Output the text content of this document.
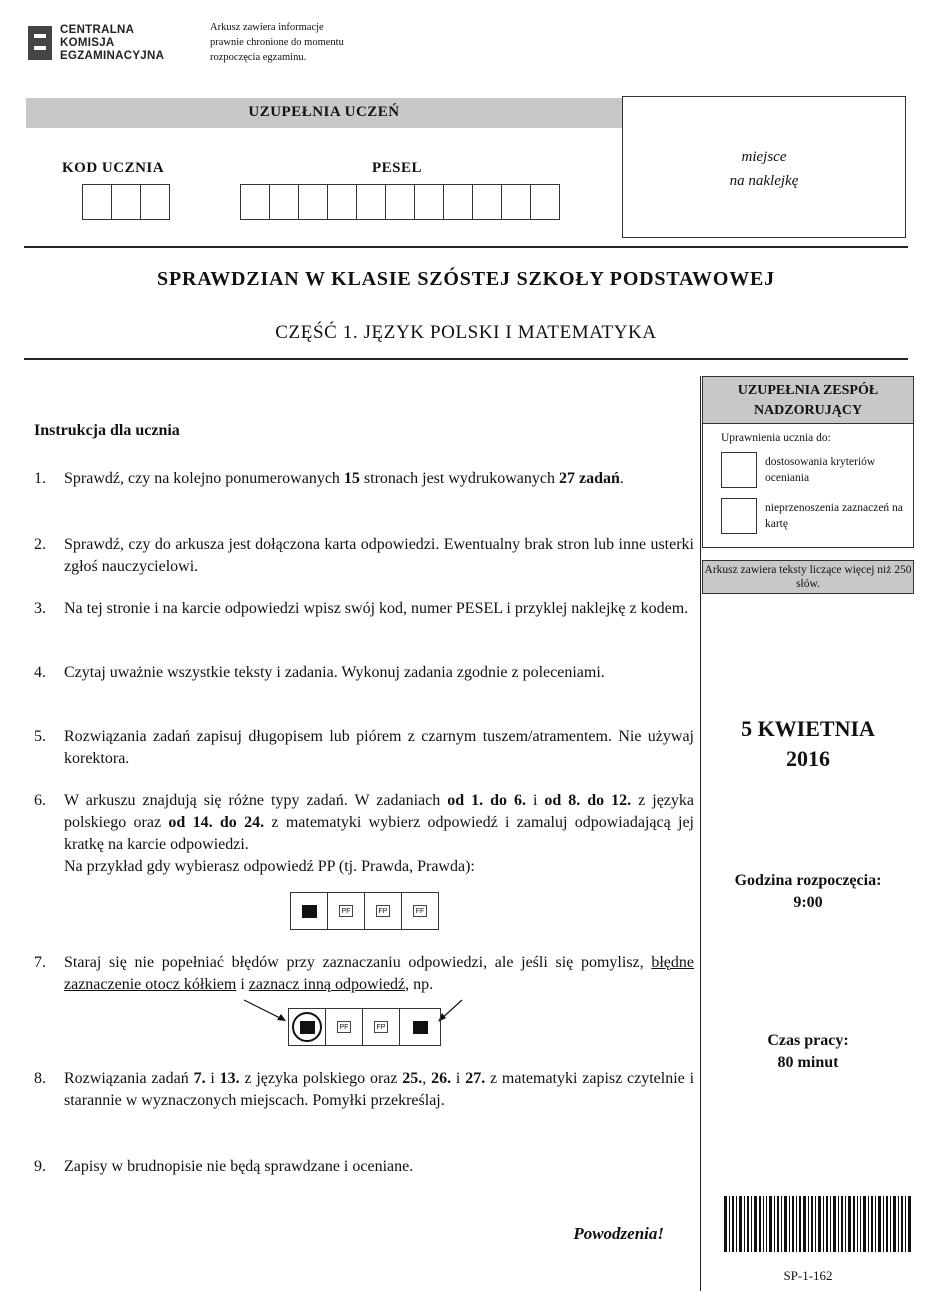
CENTRALNA
KOMISJA
EGZAMINACYJNA
Arkusz zawiera informacje
prawnie chronione do momentu
rozpoczęcia egzaminu.
UZUPEŁNIA UCZEŃ
KOD UCZNIA	PESEL
miejsce
na naklejkę
SPRAWDZIAN W KLASIE SZÓSTEJ SZKOŁY PODSTAWOWEJ
CZĘŚĆ 1. JĘZYK POLSKI I MATEMATYKA
UZUPEŁNIA ZESPÓŁ NADZORUJĄCY
Uprawnienia ucznia do:
dostosowania kryteriów oceniania
nieprzenoszenia zaznaczeń na kartę
Arkusz zawiera teksty liczące więcej niż 250 słów.
5 KWIETNIA
2016
Godzina rozpoczęcia:
9:00
Czas pracy:
80 minut
SP-1-162
Instrukcja dla ucznia
1. Sprawdź, czy na kolejno ponumerowanych 15 stronach jest wydrukowanych 27 zadań.
2. Sprawdź, czy do arkusza jest dołączona karta odpowiedzi. Ewentualny brak stron lub inne usterki zgłoś nauczycielowi.
3. Na tej stronie i na karcie odpowiedzi wpisz swój kod, numer PESEL i przyklej naklejkę z kodem.
4. Czytaj uważnie wszystkie teksty i zadania. Wykonuj zadania zgodnie z poleceniami.
5. Rozwiązania zadań zapisuj długopisem lub piórem z czarnym tuszem/atramentem. Nie używaj korektora.
6. W arkuszu znajdują się różne typy zadań. W zadaniach od 1. do 6. i od 8. do 12. z języka polskiego oraz od 14. do 24. z matematyki wybierz odpowiedź i zamaluj odpowiadającą jej kratkę na karcie odpowiedzi.
Na przykład gdy wybierasz odpowiedź PP (tj. Prawda, Prawda):
PF	FP	FF
7. Staraj się nie popełniać błędów przy zaznaczaniu odpowiedzi, ale jeśli się pomylisz, błędne zaznaczenie otocz kółkiem i zaznacz inną odpowiedź, np.
PF	FP
8. Rozwiązania zadań 7. i 13. z języka polskiego oraz 25., 26. i 27. z matematyki zapisz czytelnie i starannie w wyznaczonych miejscach. Pomyłki przekreślaj.
9. Zapisy w brudnopisie nie będą sprawdzane i oceniane.
Powodzenia!
